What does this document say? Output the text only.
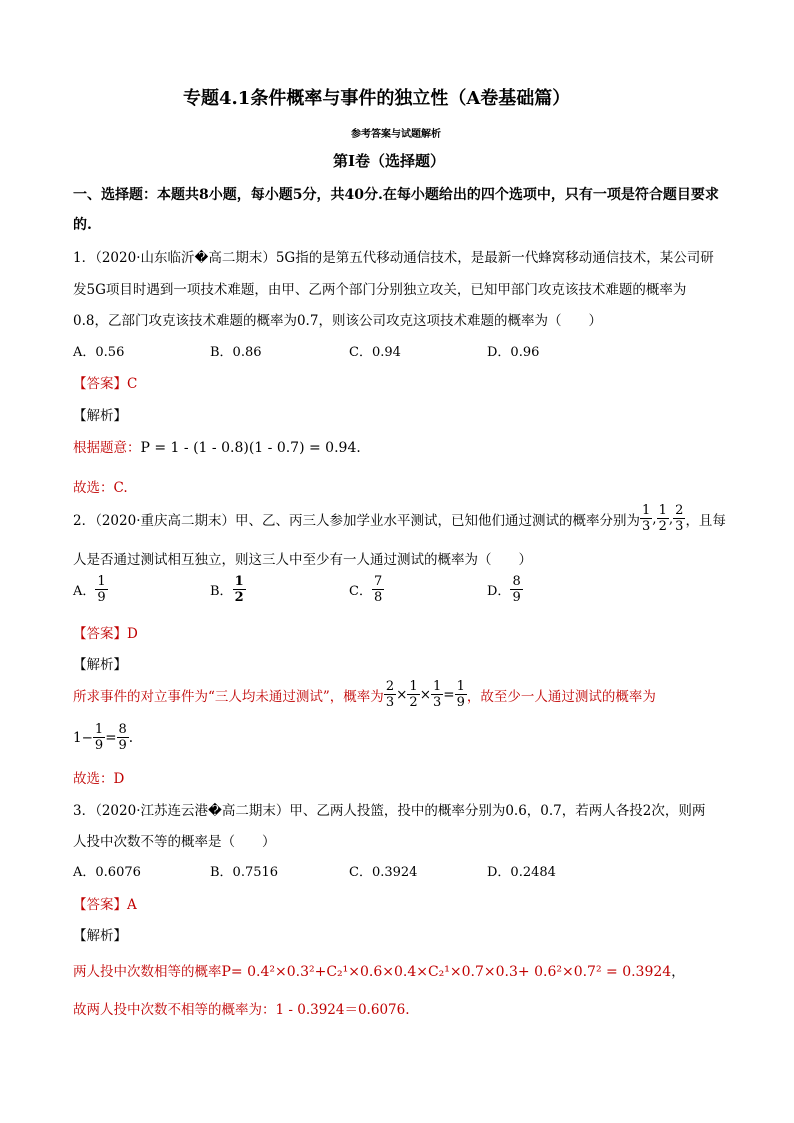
专题4.1条件概率与事件的独立性（A卷基础篇）
参考答案与试题解析
第Ⅰ卷（选择题）
一、选择题：本题共8小题，每小题5分，共40分.在每小题给出的四个选项中，只有一项是符合题目要求
的.
1．（2020·山东临沂�高二期末）5G指的是第五代移动通信技术，是最新一代蜂窝移动通信技术，某公司研
发5G项目时遇到一项技术难题，由甲、乙两个部门分别独立攻关，已知甲部门攻克该技术难题的概率为
0.8，乙部门攻克该技术难题的概率为0.7，则该公司攻克这项技术难题的概率为（　　）
A．0.56	B．0.86	C．0.94	D．0.96
【答案】C
【解析】
根据题意：P = 1 - (1 - 0.8)(1 - 0.7) = 0.94.
故选：C.
2．（2020·重庆高二期末）甲、乙、丙三人参加学业水平测试，已知他们通过测试的概率分别为 $\frac{1}{3}$ , $\frac{1}{2}$ , $\frac{2}{3}$ ，且每
人是否通过测试相互独立，则这三人中至少有一人通过测试的概率为（　　）
A． $\frac{1}{9}$	B． $\frac{1}{2}$	C． $\frac{7}{8}$	D． $\frac{8}{9}$
【答案】D
【解析】
所求事件的对立事件为“三人均未通过测试”，概率为 $\frac{2}{3} \times \frac{1}{2} \times \frac{1}{3} = \frac{1}{9}$ ，故至少一人通过测试的概率为
$1- \frac{1}{9} = \frac{8}{9}$ .
故选：D
3．（2020·江苏连云港�高二期末）甲、乙两人投篮，投中的概率分别为0.6，0.7，若两人各投2次，则两
人投中次数不等的概率是（　　）
A．0.6076	B．0.7516	C．0.3924	D．0.2484
【答案】A
【解析】
两人投中次数相等的概率P= 0.4²×0.3²+C₂¹×0.6×0.4×C₂¹×0.7×0.3+ 0.6²×0.7² = 0.3924，
故两人投中次数不相等的概率为：1 - 0.3924＝0.6076.
